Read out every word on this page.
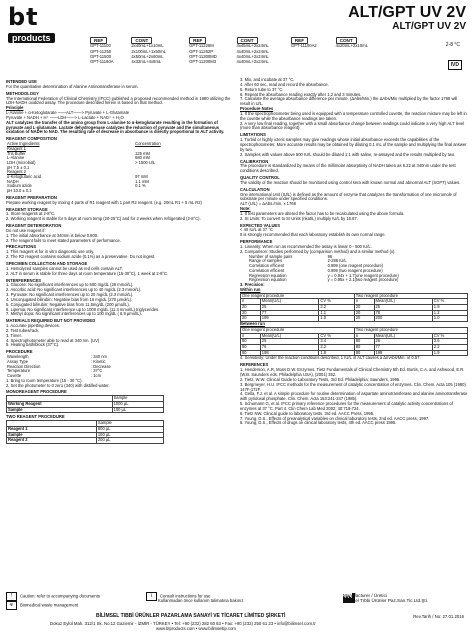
bt
products
ALT/GPT UV 2V
ALT/GPT UV 2V
2-8 °C
IVD
REF	CONT	REF	CONT	REF	CONT
GPT-11100	2x40mL+1x10mL	GPT-11226M	4x45mL+2x24mL	GPT-11100A2	4x20mL+2x10mL
GPT-11250	2x100mL+1x50mL	GPT-11262P	4x40mL+2x24mL		
GPT-11500	4x50mL+2x60mL	GPT-11300MD	4x40mL+2x24mL		
GPT-11160A	4x32mL+4x8mL	GPT-11200M3	4x40mL+2x24mL		
INTENDED USE

For the quantitative determination of Alanine Aminotransferase in serum.

METHODOLOGY

The International Federation of Clinical Chemistry (IFCC) published a proposed recommended method in 1980 utilizing the LDH-NADH oxidized assay. The procedure described herein is based on that method.

Principle
L-Alanine + α-Ketoglutarate ——ALT——> Pyruvate + L-Glutamate
Pyruvate + NADH + H⁺ ——LDH——> L-Lactate + NAD⁺ + H₂O

ALT catalyzes the transfer of the amino group from L-alanine to α-ketoglutarate resulting in the formation of pyruvate and L-glutamate. Lactate dehydrogenase catalyzes the reduction of pyruvate and the simultaneous oxidation of NADH to NAD. The resulting rate of decrease in absorbance is directly proportional to ALT activity.

REAGENT COMPOSITION
Active Ingredients	Concentration
Reagent 1	
Tris Buffer	125 mM
L-Alanine	680 mM
LDH (microbial)	> 1500 U/L
pH 7.5 ± 0.1	
Reagent 2	
α-Ketoglutaric acid	97 mM
NADH	1.1 mM
Sodium azide	0.1 %
pH 10.0 ± 0.1	
REAGENT PREPARATION

Prepare working reagent by mixing 4 parts of R1 reagent with 1 part R2 reagent. (e.g. 20mL R1 + 5 mL R2)

REAGENT STORAGE
1. Store reagents at 2-8°C.
2. Working reagent is stable for 5 days at room temp (20-25°C) and for 2 weeks when refrigerated (2-8°C).
REAGENT DETERIORATION
Do not use reagent if:
1. The initial absorbance at 340nm is below 0.800.
2. The reagent fails to meet stated parameters of performance.
PRECAUTIONS
1. This reagent is for in vitro diagnostic use only.
2. The R2 reagent contains sodium azide (0.1%) as a preservative. Do not ingest.
SPECIMEN COLLECTION AND STORAGE
1. Hemolyzed samples cannot be used as red cells contain ALT.
2. ALT in serum is stable for three days at room temperature (15-30°C), 1 week at 2-8°C.
INTERFERENCES
1. Glucose: No significant interferences up to 500 mg/dL (28 mmol/L).
2. Ascorbic acid: No significant interferences up to 40 mg/dL (2.3 mmol/L).
3. Pyruvate: No significant interferences up to 20 mg/dL (2.3 mmol/L).
4. Unconjugated bilirubin: Negative bias from 16 mg/dL (270 µmol/L).
5. Conjugated bilirubin: Negative bias from 11.5mg/dL (200 µmol/L).
6. Lipemia: No significant interference up to 1000 mg/dL (11.3 mmol/L) triglycerides.
7. Methyl dopa: No significant interferences up to 100 mg/dL ( 6.9 µmol/L).
MATERIALS REQUIRED BUT NOT PROVIDED
1. Accurate pipetting devices.
2. Test tubes/rack.
3. Timer.
4. Spectrophotometer able to read at 340 nm. (UV)
5. Heating bath/block (37°C).
PROCEDURE
Wavelength	: 340 nm
Assay Type	: Kinetic
Reaction Direction	: Decrease
Temperature	: 37°C
Cuvette	: 1cm
1. Bring to room temperature (15 - 30 °C).
2. Set the photometer to 0 zero (340) with distilled water.
MONOREAGENT PROCEDURE
	Sample
Working Reagent	1000 µL
Sample	100 µL
TWO REAGENT PROCEDURE
	Sample
Reagent 1	800 µL
Sample	100 µL
Reagent 2	200 µL
3. Mix, and incubate at 37 °C.
4. After 60 sec, read and record the absorbance.
5. Return tube to 37 °C.
6. Repeat the absorbance reading exactly after 1,2 and 3 minutes.
7. Calculate the average absorbance difference per minute. (ΔAbs/Min.) the ΔAbs/Min multiplied by the factor 1768 will result in U/L.
Procedure Notes
1. If the spectrophotometer being used is equipped with a temperature controlled cuvette, the reaction mixture may be left in the cuvette while the absorbance readings are taken.
2. A very low final reading, together with a small absorbance change between readings could indicate a very high ALT level (more than absorbance reagent).
LIMITATIONS
1. Turbid or highly icteric samples may give readings whose initial absorbance exceeds the capabilities of the spectrophotometer. More accurate results may be obtained by diluting 0.1 mL of the sample and multiplying the final answer by two.
2. Samples with values above 500 IU/L should be diluted 1:1 with saline, re-assayed and the results multiplied by two.
CALIBRATION

The procedure is standardized by means of the millimolar absorptivity of NADH taken as 6.22 at 340nm under the test conditions described.

QUALITY CONTROL

The validity of the reaction should be monitored using control sera with known normal and abnormal ALT (SGPT) values.

CALCULATION

One international Unit (IU/L) is defined as the amount of enzyme that catalyzes the transformation of one micromole of substrate per minute under specified conditions.

ALT (U/L) = ΔAbs./min. x 1768
Note:
1. If test parameters are altered the factor has to be recalculated using the above formula.
2. SI Units: To convert to SI Units (nkat/L) multiply IU/L by 16.67.
EXPECTED VALUES
< 40 IU/L at 37 °C

It is strongly recommended that each laboratory establish its own normal range.

PERFORMANCE
1. Linearity: When run as recommended the assay is linear 0 - 500 IU/L.
2. Comparison: Studies performed by (comparison method) and a similar method (x).
Number of sample pairs	96
Range of samples	2-288 IU/L
Correlation efficient	0.999 (one reagent procedure)
Correlation efficient	0.999 (two reagent procedure)
Regression equation	y = 0.94x + 1.7(one reagent procedure)
Regression equation	y = 0.95x + 2.1(two reagent procedure)
3. Precision:
Within run
One reagent procedure			Two reagent procedure		
n	Mean(U/L)	CV %	n	Mean(U/L)	CV %
20	25	2.2	20	25	1.9
20	77	1.1	20	78	1.2
20	199	1.0	20	200	1.0
Between run
One reagent procedure			Two reagent procedure		
n	Mean(U/L)	CV %	n	Mean(U/L)	CV %
80	25	3.4	80	26	3.6
80	76	2.2	80	77	2.2
80	198	1.8	80	199	1.9
4. Sensitivity: Under the reaction conditions described, 1 IU/L of ALT causes a ΔmAbs/Min. of 0.57.
REFERENCES
1. Henderson, A.R, Moss D.W. Enzymes, Tietz Fundamentals of Clinical Chemistry 5th Ed. Burtis, C.A. and Ashwood, E.R. (W.B. Saunders eds. Philadelphia USA), (2001) 352.
2. Tietz, W.W. Clinical Guide to Laboratory Tests, 3rd Ed. Philadelphia: Saunders, 1995.
3. Bergmeyer, H.U. IFCC methods for the measurement of catalytic concentration of enzymes. Clin. Chem. Acta 105 (1980) 147F-172F.
4. Gella, F.J. et al. A simple procedure for routine determination of aspartate aminotransferase and alanine aminotransferase with pyridoxal phosphate. Clin. Chem. Acta 153:241-247 (1985).
5. Schumann G, et al. IFCC primary reference procedures for the measurement of catalytic activity concentrations of enzymes at 37 °C. Part 4. Clin Chem Lab Med 2002; 40:718-724.
6. Tietz NW. Clinical guide to laboratory tests. 3rd ed. AACC Press, 1995.
7. Young, D.S., Effects of preanalytical variables on clinical laboratory tests, 2nd ed. AACC press, 1997.
8. Young, D.S., Effects of drugs on clinical laboratory tests, 4th ed. AACC press 1995.
! Caution: refer to accompanying documents
☣ Biomedical waste management
i Consult instructions for use
Kullanmadan önce kullanım talimatına bakınız
Manufacturer / Üretici
Bilimsel Tıbbi Ürünler Paz.San.Tic.Ltd.Şti.
BİLİMSEL TIBBİ ÜRÜNLER PAZARLAMA SANAYİ VE TİCARET LİMİTED ŞİRKETİ
Dokuz Eylül Mah. 312/1 Sk. No:12 Gaziemir - İZMİR - TÜRKEY • Tel: +90 (232) 282 60 83 • Fax: +90 (232) 250 61 23 • info@bilimsel.com.tr
www.btproducts.com • www.bilimseltip.com
Rev.Tarih / No: 27.01.2016
